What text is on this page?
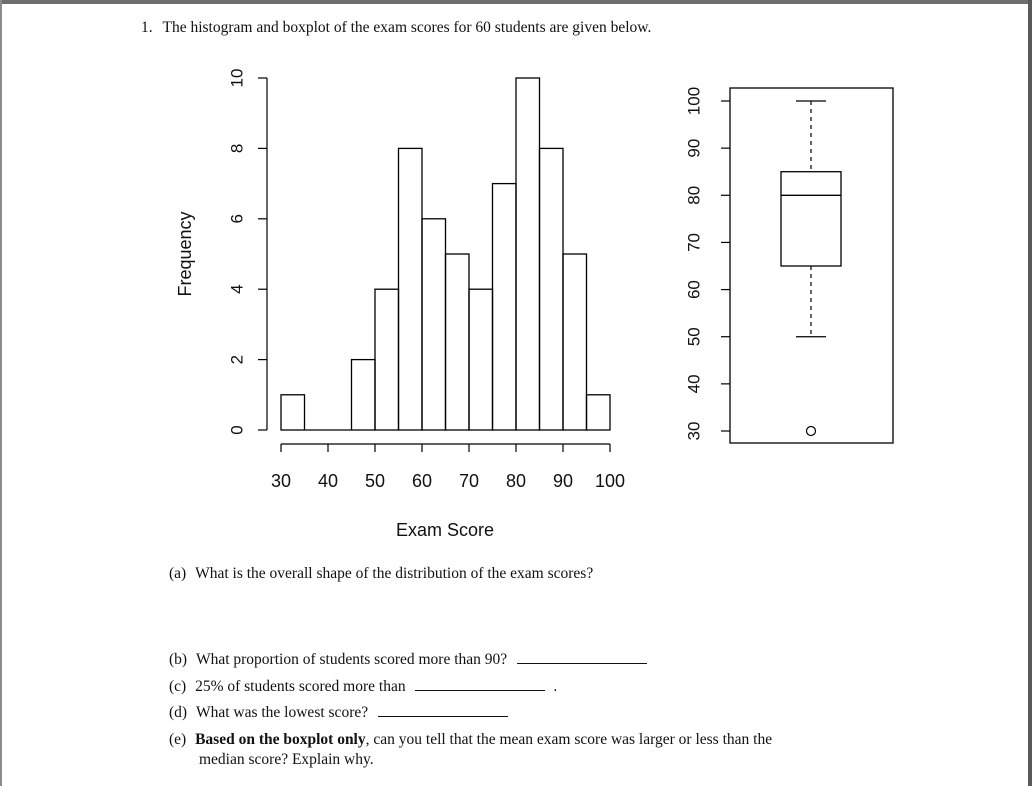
1. The histogram and boxplot of the exam scores for 60 students are given below.
30 40 50 60 70 80 90 100
0
2
4
6
8
10
Exam Score
Frequency
30
40
50
60
70
80
90
100
(a) What is the overall shape of the distribution of the exam scores?
(b) What proportion of students scored more than 90?
(c) 25% of students scored more than	.
(d) What was the lowest score?
(e) Based on the boxplot only, can you tell that the mean exam score was larger or less than the
median score? Explain why.
